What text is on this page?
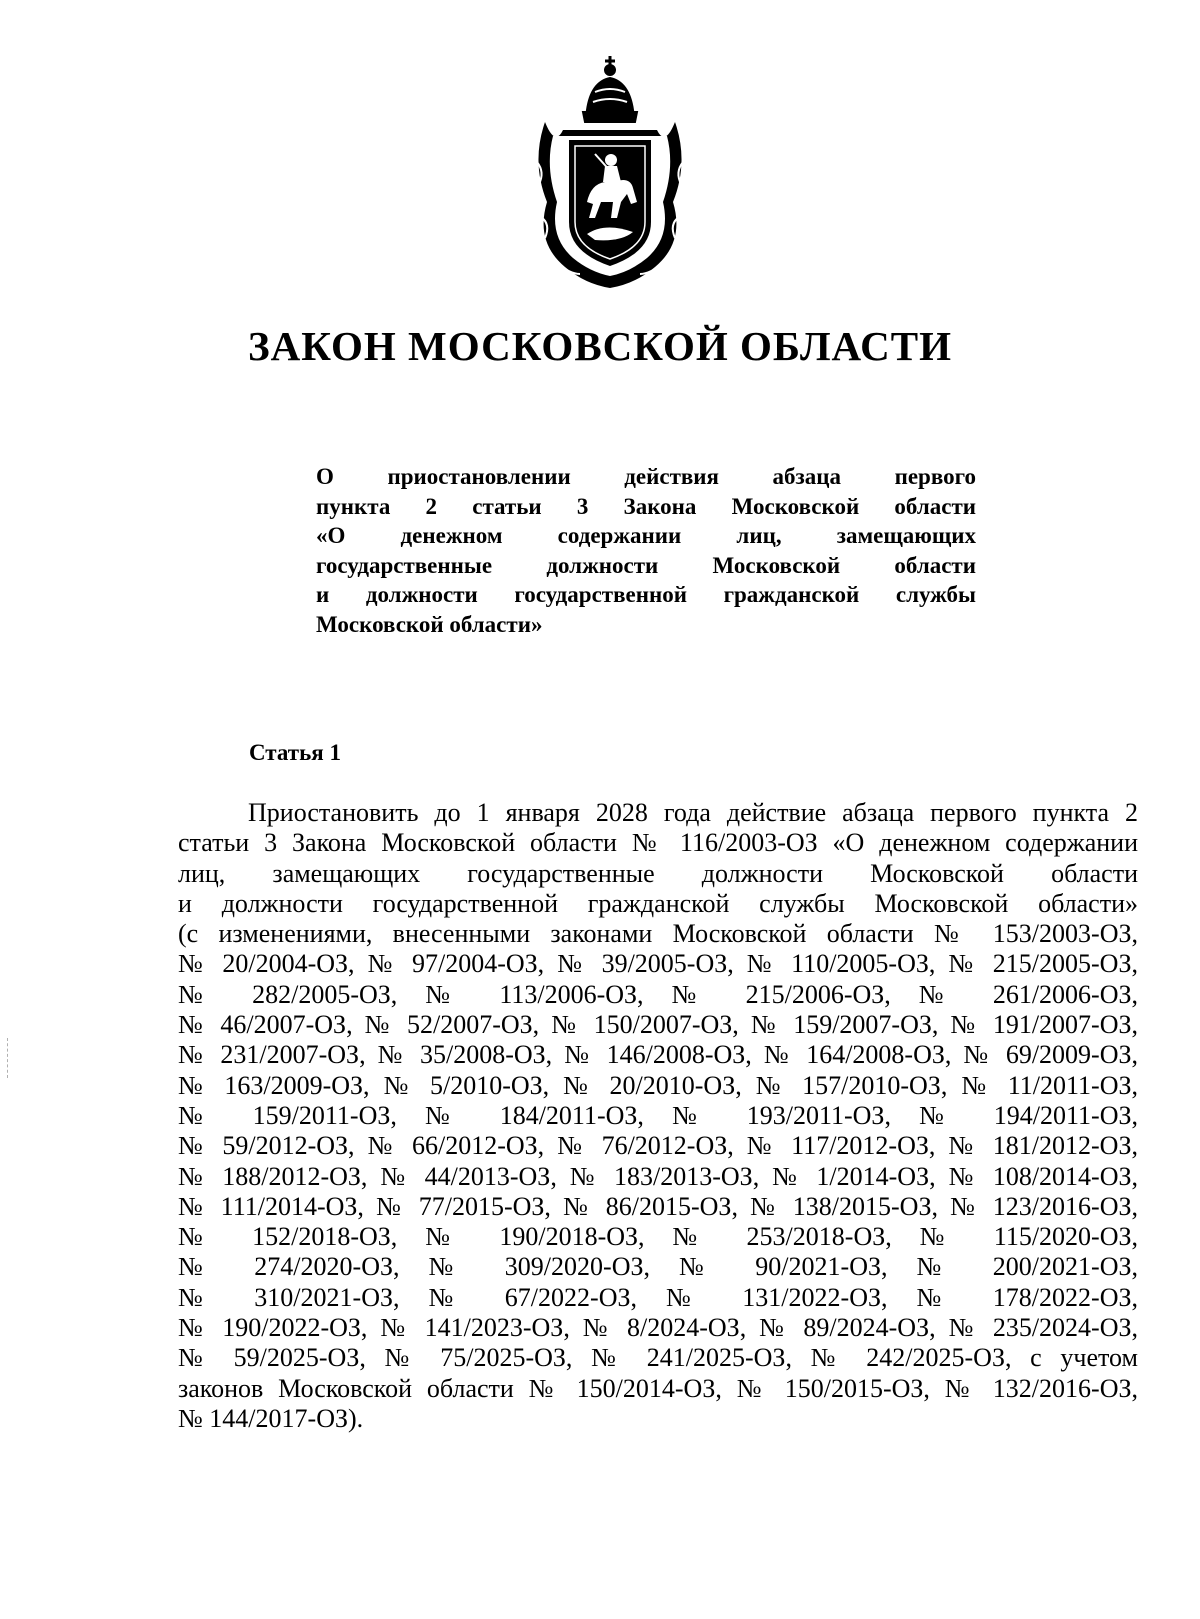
ЗАКОН МОСКОВСКОЙ ОБЛАСТИ
О приостановлении действия абзаца первого
пункта 2 статьи 3 Закона Московской области
«О денежном содержании лиц, замещающих
государственные должности Московской области
и должности государственной гражданской службы
Московской области»
Статья 1
Приостановить до 1 января 2028 года действие абзаца первого пункта 2
статьи 3 Закона Московской области № 116/2003-ОЗ «О денежном содержании
лиц, замещающих государственные должности Московской области
и должности государственной гражданской службы Московской области»
(с изменениями, внесенными законами Московской области № 153/2003-ОЗ,
№ 20/2004-ОЗ, № 97/2004-ОЗ, № 39/2005-ОЗ, № 110/2005-ОЗ, № 215/2005-ОЗ,
№ 282/2005-ОЗ, № 113/2006-ОЗ, № 215/2006-ОЗ, № 261/2006-ОЗ,
№ 46/2007-ОЗ, № 52/2007-ОЗ, № 150/2007-ОЗ, № 159/2007-ОЗ, № 191/2007-ОЗ,
№ 231/2007-ОЗ, № 35/2008-ОЗ, № 146/2008-ОЗ, № 164/2008-ОЗ, № 69/2009-ОЗ,
№ 163/2009-ОЗ, № 5/2010-ОЗ, № 20/2010-ОЗ, № 157/2010-ОЗ, № 11/2011-ОЗ,
№ 159/2011-ОЗ, № 184/2011-ОЗ, № 193/2011-ОЗ, № 194/2011-ОЗ,
№ 59/2012-ОЗ, № 66/2012-ОЗ, № 76/2012-ОЗ, № 117/2012-ОЗ, № 181/2012-ОЗ,
№ 188/2012-ОЗ, № 44/2013-ОЗ, № 183/2013-ОЗ, № 1/2014-ОЗ, № 108/2014-ОЗ,
№ 111/2014-ОЗ, № 77/2015-ОЗ, № 86/2015-ОЗ, № 138/2015-ОЗ, № 123/2016-ОЗ,
№ 152/2018-ОЗ, № 190/2018-ОЗ, № 253/2018-ОЗ, № 115/2020-ОЗ,
№ 274/2020-ОЗ, № 309/2020-ОЗ, № 90/2021-ОЗ, № 200/2021-ОЗ,
№ 310/2021-ОЗ, № 67/2022-ОЗ, № 131/2022-ОЗ, № 178/2022-ОЗ,
№ 190/2022-ОЗ, № 141/2023-ОЗ, № 8/2024-ОЗ, № 89/2024-ОЗ, № 235/2024-ОЗ,
№ 59/2025-ОЗ, № 75/2025-ОЗ, № 241/2025-ОЗ, № 242/2025-ОЗ, с учетом
законов Московской области № 150/2014-ОЗ, № 150/2015-ОЗ, № 132/2016-ОЗ,
№ 144/2017-ОЗ).
